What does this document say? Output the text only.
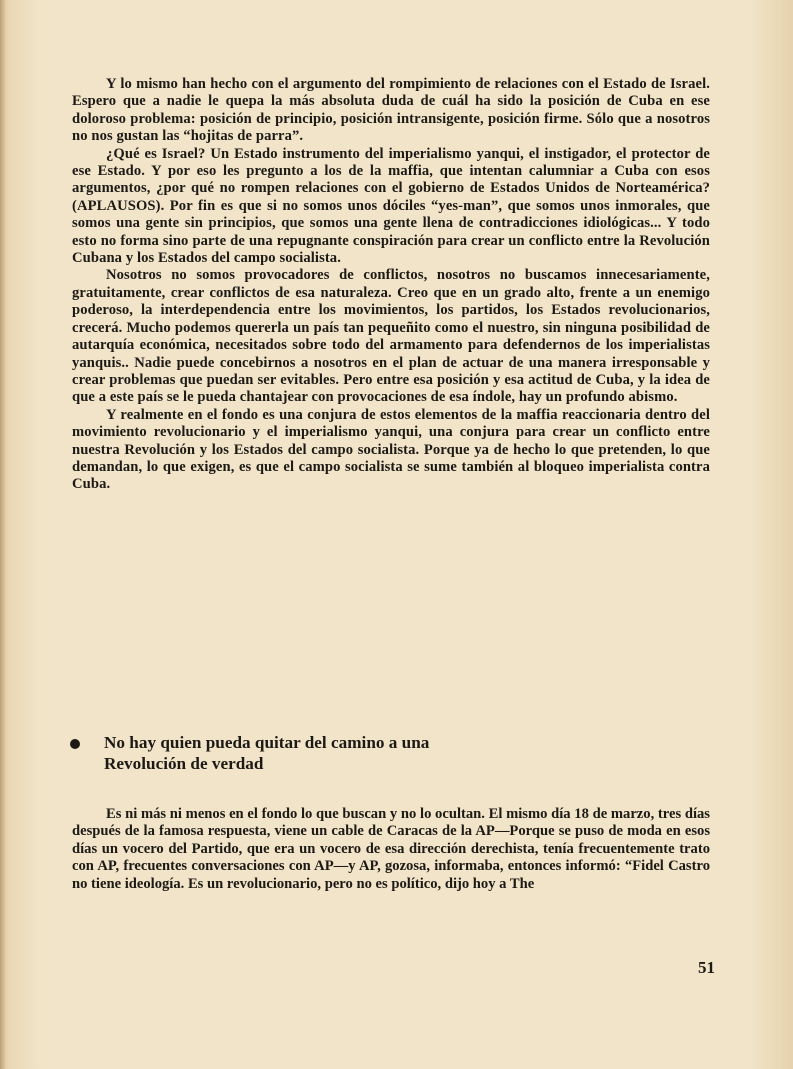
Y lo mismo han hecho con el argumento del rompimiento de relaciones con el Estado de Israel. Espero que a nadie le quepa la más absoluta duda de cuál ha sido la posición de Cuba en ese doloroso problema: posición de principio, posición intransigente, posición firme. Sólo que a nosotros no nos gustan las “hojitas de parra”.

¿Qué es Israel? Un Estado instrumento del imperialismo yanqui, el instigador, el protector de ese Estado. Y por eso les pregunto a los de la maffia, que intentan calumniar a Cuba con esos argumentos, ¿por qué no rompen relaciones con el gobierno de Estados Unidos de Norteamérica? (APLAUSOS). Por fin es que si no somos unos dóciles “yes-man”, que somos unos inmorales, que somos una gente sin principios, que somos una gente llena de contradicciones idiológicas... Y todo esto no forma sino parte de una repugnante conspiración para crear un conflicto entre la Revolución Cubana y los Estados del campo socialista.

Nosotros no somos provocadores de conflictos, nosotros no buscamos innecesariamente, gratuitamente, crear conflictos de esa naturaleza. Creo que en un grado alto, frente a un enemigo poderoso, la interdependencia entre los movimientos, los partidos, los Estados revolucionarios, crecerá. Mucho podemos quererla un país tan pequeñito como el nuestro, sin ninguna posibilidad de autarquía económica, necesitados sobre todo del armamento para defendernos de los imperialistas yanquis.. Nadie puede concebirnos a nosotros en el plan de actuar de una manera irresponsable y crear problemas que puedan ser evitables. Pero entre esa posición y esa actitud de Cuba, y la idea de que a este país se le pueda chantajear con provocaciones de esa índole, hay un profundo abismo.

Y realmente en el fondo es una conjura de estos elementos de la maffia reaccionaria dentro del movimiento revolucionario y el imperialismo yanqui, una conjura para crear un conflicto entre nuestra Revolución y los Estados del campo socialista. Porque ya de hecho lo que pretenden, lo que demandan, lo que exigen, es que el campo socialista se sume también al bloqueo imperialista contra Cuba.

No hay quien pueda quitar del camino a una
Revolución de verdad

Es ni más ni menos en el fondo lo que buscan y no lo ocultan. El mismo día 18 de marzo, tres días después de la famosa respuesta, viene un cable de Caracas de la AP—Porque se puso de moda en esos días un vocero del Partido, que era un vocero de esa dirección derechista, tenía frecuentemente trato con AP, frecuentes conversaciones con AP—y AP, gozosa, informaba, entonces informó: “Fidel Castro no tiene ideología. Es un revolucionario, pero no es político, dijo hoy a The

51
